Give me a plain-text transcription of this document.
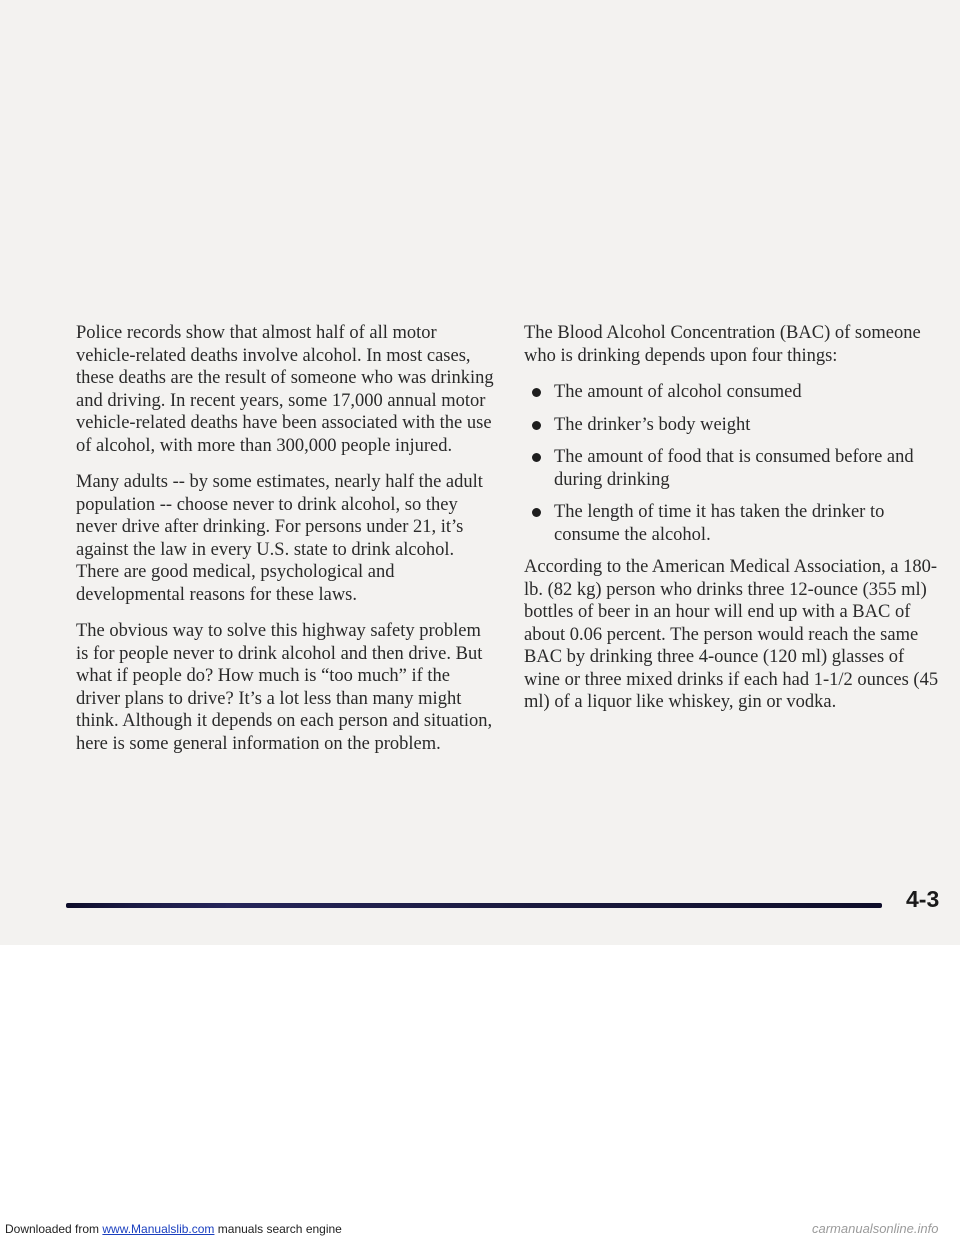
Police records show that almost half of all motor vehicle-related deaths involve alcohol. In most cases, these deaths are the result of someone who was drinking and driving. In recent years, some 17,000 annual motor vehicle-related deaths have been associated with the use of alcohol, with more than 300,000 people injured.

Many adults -- by some estimates, nearly half the adult population -- choose never to drink alcohol, so they never drive after drinking. For persons under 21, it’s against the law in every U.S. state to drink alcohol. There are good medical, psychological and developmental reasons for these laws.

The obvious way to solve this highway safety problem is for people never to drink alcohol and then drive. But what if people do? How much is “too much” if the driver plans to drive? It’s a lot less than many might think. Although it depends on each person and situation, here is some general information on the problem.

The Blood Alcohol Concentration (BAC) of someone who is drinking depends upon four things:

The amount of alcohol consumed
The drinker’s body weight
The amount of food that is consumed before and during drinking
The length of time it has taken the drinker to consume the alcohol.

According to the American Medical Association, a 180-lb. (82 kg) person who drinks three 12-ounce (355 ml) bottles of beer in an hour will end up with a BAC of about 0.06 percent. The person would reach the same BAC by drinking three 4-ounce (120 ml) glasses of wine or three mixed drinks if each had 1-1/2 ounces (45 ml) of a liquor like whiskey, gin or vodka.

4-3
Downloaded from www.Manualslib.com manuals search engine	carmanualsonline.info
